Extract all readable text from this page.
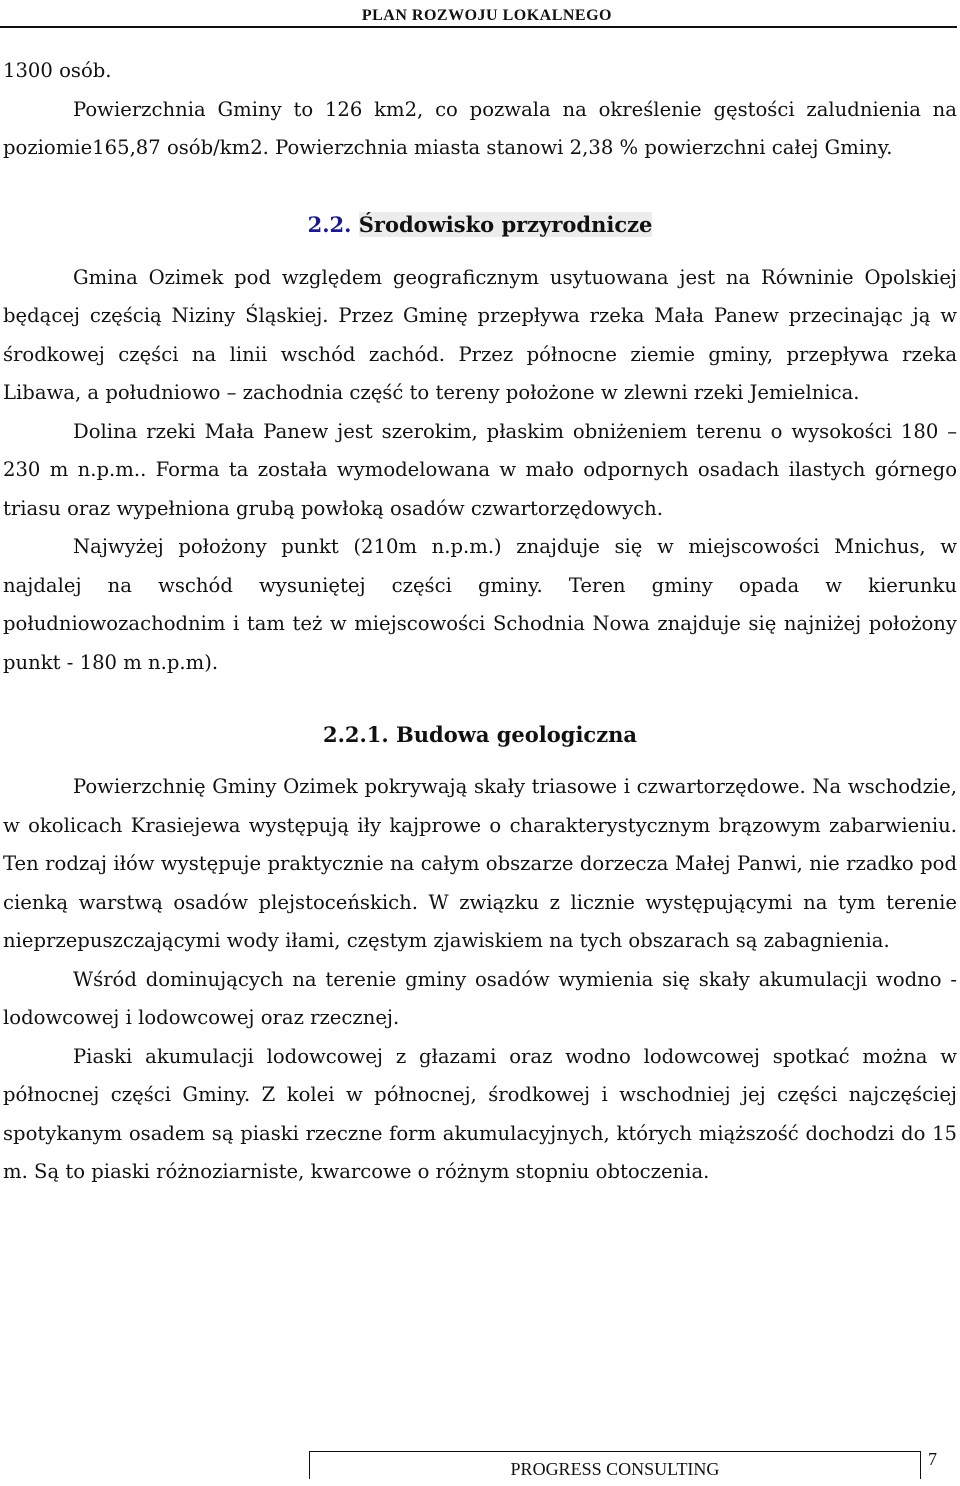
PLAN ROZWOJU LOKALNEGO

1300 osób.

Powierzchnia Gminy to 126 km2, co pozwala na określenie gęstości zaludnienia na poziomie165,87 osób/km2. Powierzchnia miasta stanowi 2,38 % powierzchni całej Gminy.

2.2. Środowisko przyrodnicze

Gmina Ozimek pod względem geograficznym usytuowana jest na Równinie Opolskiej będącej częścią Niziny Śląskiej. Przez Gminę przepływa rzeka Mała Panew przecinając ją w środkowej części na linii wschód zachód. Przez północne ziemie gminy, przepływa rzeka Libawa, a południowo – zachodnia część to tereny położone w zlewni rzeki Jemielnica.

Dolina rzeki Mała Panew jest szerokim, płaskim obniżeniem terenu o wysokości 180 – 230 m n.p.m.. Forma ta została wymodelowana w mało odpornych osadach ilastych górnego triasu oraz wypełniona grubą powłoką osadów czwartorzędowych.

Najwyżej położony punkt (210m n.p.m.) znajduje się w miejscowości Mnichus, w najdalej na wschód wysuniętej części gminy. Teren gminy opada w kierunku południowozachodnim i tam też w miejscowości Schodnia Nowa znajduje się najniżej położony punkt - 180 m n.p.m).

2.2.1. Budowa geologiczna

Powierzchnię Gminy Ozimek pokrywają skały triasowe i czwartorzędowe. Na wschodzie, w okolicach Krasiejewa występują iły kajprowe o charakterystycznym brązowym zabarwieniu. Ten rodzaj iłów występuje praktycznie na całym obszarze dorzecza Małej Panwi, nie rzadko pod cienką warstwą osadów plejstoceńskich. W związku z licznie występującymi na tym terenie nieprzepuszczającymi wody iłami, częstym zjawiskiem na tych obszarach są zabagnienia.

Wśród dominujących na terenie gminy osadów wymienia się skały akumulacji wodno - lodowcowej i lodowcowej oraz rzecznej.

Piaski akumulacji lodowcowej z głazami oraz wodno lodowcowej spotkać można w północnej części Gminy. Z kolei w północnej, środkowej i wschodniej jej części najczęściej spotykanym osadem są piaski rzeczne form akumulacyjnych, których miąższość dochodzi do 15 m. Są to piaski różnoziarniste, kwarcowe o różnym stopniu obtoczenia.

PROGRESS CONSULTING	7
